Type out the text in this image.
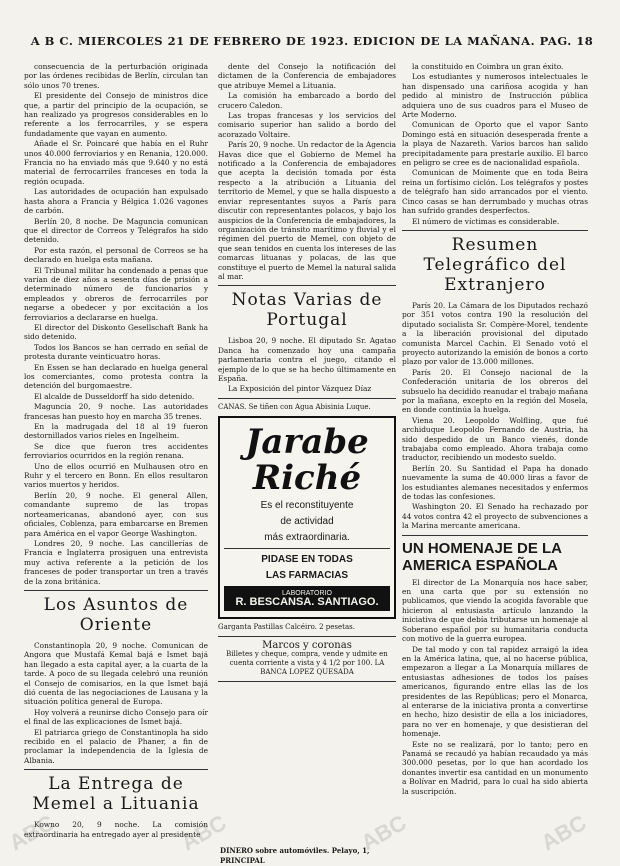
A B C. MIERCOLES 21 DE FEBRERO DE 1923. EDICION DE LA MAÑANA. PAG. 18

consecuencia de la perturbación originada por las órdenes recibidas de Berlín, circulan tan sólo unos 70 trenes.

El presidente del Consejo de ministros dice que, a partir del principio de la ocupación, se han realizado ya progresos considerables en lo referente a los ferrocarriles, y se espera fundadamente que vayan en aumento.

Añade el Sr. Poincaré que había en el Ruhr unos 40.000 ferroviarios y en Renania, 120.000. Francia no ha enviado más que 9.640 y no está material de ferrocarriles franceses en toda la región ocupada.

Las autoridades de ocupación han expulsado hasta ahora a Francia y Bélgica 1.026 vagones de carbón.

Berlín 20, 8 noche. De Maguncia comunican que el director de Correos y Telégrafos ha sido detenido.

Por esta razón, el personal de Correos se ha declarado en huelga esta mañana.

El Tribunal militar ha condenado a penas que varían de diez años a sesenta días de prisión a determinado número de funcionarios y empleados y obreros de ferrocarriles por negarse a obedecer y por excitación a los ferroviarios a declararse en huelga.

El director del Diskonto Gesellschaft Bank ha sido detenido.

Todos los Bancos se han cerrado en señal de protesta durante veinticuatro horas.

En Essen se han declarado en huelga general los comerciantes, como protesta contra la detención del burgomaestre.

El alcalde de Dusseldorff ha sido detenido.

Maguncia 20, 9 noche. Las autoridades francesas han puesto hoy en marcha 35 trenes.

En la madrugada del 18 al 19 fueron destornillados varios rieles en Ingelheim.

Se dice que fueron tres accidentes ferroviarios ocurridos en la región renana.

Uno de ellos ocurrió en Mulhausen otro en Ruhr y el tercero en Bonn. En ellos resultaron varios muertos y heridos.

Berlín 20, 9 noche. El general Allen, comandante supremo de las tropas norteamericanas, abandonó ayer, con sus oficiales, Coblenza, para embarcarse en Bremen para América en el vapor George Washington.

Londres 20, 9 noche. Las cancillerías de Francia e Inglaterra prosiguen una entrevista muy activa referente a la petición de los franceses de poder transportar un tren a través de la zona británica.

Los Asuntos de Oriente

Constantinopla 20, 9 noche. Comunican de Angora que Mustafá Kemal bajá e Ismet bajá han llegado a esta capital ayer, a la cuarta de la tarde. A poco de su llegada celebró una reunión el Consejo de comisarios, en la que Ismet bajá dió cuenta de las negociaciones de Lausana y la situación política general de Europa.

Hoy volverá a reunirse dicho Consejo para oír el final de las explicaciones de Ismet bajá.

El patriarca griego de Constantinopla ha sido recibido en el palacio de Phaner, a fin de proclamar la independencia de la Iglesia de Albania.

La Entrega de Memel a Lituania

Kowno 20, 9 noche. La comisión extraordinaria ha entregado ayer al presidente

dente del Consejo la notificación del dictamen de la Conferencia de embajadores que atribuye Memel a Lituania.

La comisión ha embarcado a bordo del crucero Caledon.

Las tropas francesas y los servicios del comisario superior han salido a bordo del acorazado Voltaire.

París 20, 9 noche. Un redactor de la Agencia Havas dice que el Gobierno de Memel ha notificado a la Conferencia de embajadores que acepta la decisión tomada por ésta respecto a la atribución a Lituania del territorio de Memel, y que se halla dispuesto a enviar representantes suyos a París para discutir con representantes polacos, y bajo los auspicios de la Conferencia de embajadores, la organización de tránsito marítimo y fluvial y el régimen del puerto de Memel, con objeto de que sean tenidos en cuenta los intereses de las comarcas lituanas y polacas, de las que constituye el puerto de Memel la natural salida al mar.

Notas Varias de Portugal

Lisboa 20, 9 noche. El diputado Sr. Agatao Danca ha comenzado hoy una campaña parlamentaria contra el juego, citando el ejemplo de lo que se ha hecho últimamente en España.

La Exposición del pintor Vázquez Díaz

CANAS. Se tiñen con Agua Abisinia Luque.
Jarabe Riché
Es el reconstituyente
de actividad
más extraordinaria.
PIDASE EN TODAS
LAS FARMACIAS
LABORATORIO
R. BESCANSA. SANTIAGO.
Garganta Pastillas Calcéiro. 2 pesetas.
Marcos y coronas
Billetes y cheque, compra, vende y udmite en cuenta corriente a vista y 4 1/2 por 100. LA BANCA LOPEZ QUESADA
DINERO sobre automóviles. Pelayo, 1, PRINCIPAL

la constituido en Coimbra un gran éxito.

Los estudiantes y numerosos intelectuales le han dispensado una cariñosa acogida y han pedido al ministro de Instrucción pública adquiera uno de sus cuadros para el Museo de Arte Moderno.

Comunican de Oporto que el vapor Santo Domingo está en situación desesperada frente a la playa de Nazareth. Varios barcos han salido precipitadamente para prestarle auxilio. El barco en peligro se cree es de nacionalidad española.

Comunican de Moimente que en toda Beira reina un fortísimo ciclón. Los telégrafos y postes de telégrafo han sido arrancados por el viento. Cinco casas se han derrumbado y muchas otras han sufrido grandes desperfectos.

El número de víctimas es considerable.

Resumen Telegráfico del Extranjero

París 20. La Cámara de los Diputados rechazó por 351 votos contra 190 la resolución del diputado socialista Sr. Compère-Morel, tendente a la liberación provisional del diputado comunista Marcel Cachin. El Senado votó el proyecto autorizando la emisión de bonos a corto plazo por valor de 13.000 millones.

París 20. El Consejo nacional de la Confederación unitaria de los obreros del subsuelo ha decidido reanudar el trabajo mañana por la mañana, excepto en la región del Mosela, en donde continúa la huelga.

Viena 20. Leopoldo Wolfling, que fué archiduque Leopoldo Fernando de Austria, ha sido despedido de un Banco vienés, donde trabajaba como empleado. Ahora trabaja como traductor, recibiendo un modesto sueldo.

Berlín 20. Su Santidad el Papa ha donado nuevamente la suma de 40.000 liras a favor de los estudiantes alemanes necesitados y enfermos de todas las confesiones.

Washington 20. El Senado ha rechazado por 44 votos contra 42 el proyecto de subvenciones a la Marina mercante americana.

UN HOMENAJE DE LA AMERICA ESPAÑOLA

El director de La Monarquía nos hace saber, en una carta que por su extensión no publicamos, que viendo la acogida favorable que hicieron al entusiasta artículo lanzando la iniciativa de que debía tributarse un homenaje al Soberano español por su humanitaria conducta con motivo de la guerra europea.

De tal modo y con tal rapidez arraigó la idea en la América latina, que, al no hacerse pública, empezaron a llegar a La Monarquía millares de entusiastas adhesiones de todos los países americanos, figurando entre ellas las de los presidentes de las Repúblicas; pero el Monarca, al enterarse de la iniciativa pronta a convertirse en hecho, hizo desistir de ella a los iniciadores, para no ver en homenaje, y que desistieran del homenaje.

Este no se realizará, por lo tanto; pero en Panamá se recaudó ya habían recaudado ya más 300.000 pesetas, por lo que han acordado los donantes invertir esa cantidad en un monumento a Bolívar en Madrid, para lo cual ha sido abierta la suscripción.

ABC	ABC	ABC	ABC
